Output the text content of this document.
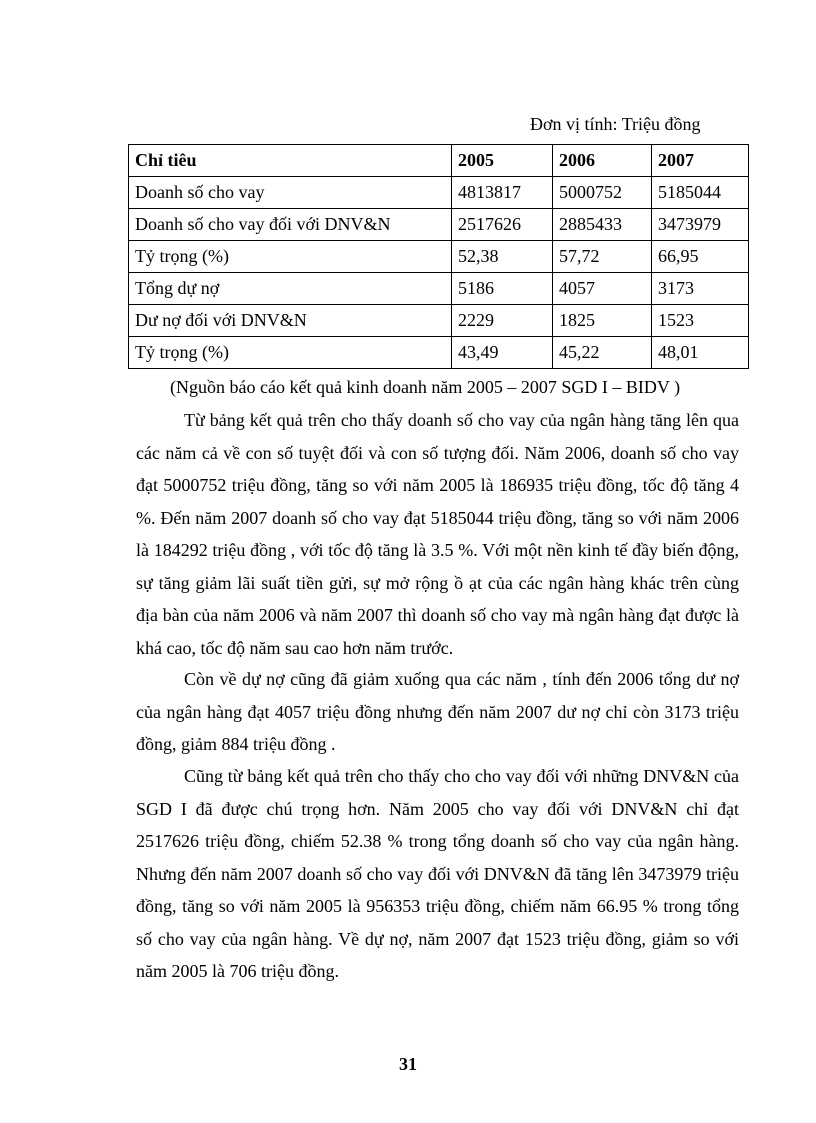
Đơn vị tính: Triệu đồng
Chỉ tiêu	2005	2006	2007
Doanh số cho vay	4813817	5000752	5185044
Doanh số cho vay đối với DNV&N	2517626	2885433	3473979
Tỷ trọng (%)	52,38	57,72	66,95
Tổng dự nợ	5186	4057	3173
Dư nợ đối với DNV&N	2229	1825	1523
Tỷ trọng (%)	43,49	45,22	48,01
(Nguồn báo cáo kết quả kinh doanh năm 2005 – 2007 SGD I – BIDV )

Từ bảng kết quả trên cho thấy doanh số cho vay của ngân hàng tăng lên qua các năm cả về con số tuyệt đối và con số tượng đối. Năm 2006, doanh số cho vay đạt 5000752 triệu đồng, tăng so với năm 2005 là 186935 triệu đồng, tốc độ tăng 4 %. Đến năm 2007 doanh số cho vay đạt 5185044 triệu đồng, tăng so với năm 2006 là 184292 triệu đồng , với tốc độ tăng là 3.5 %. Với một nền kinh tế đầy biến động, sự tăng giảm lãi suất tiền gửi, sự mở rộng ồ ạt của các ngân hàng khác trên cùng địa bàn của năm 2006 và năm 2007 thì doanh số cho vay mà ngân hàng đạt được là khá cao, tốc độ năm sau cao hơn năm trước.

Còn về dự nợ cũng đã giảm xuống qua các năm , tính đến 2006 tổng dư nợ của ngân hàng đạt 4057 triệu đồng nhưng đến năm 2007 dư nợ chỉ còn 3173 triệu đồng, giảm 884 triệu đồng .

Cũng từ bảng kết quả trên cho thấy cho cho vay đối với những DNV&N của SGD I đã được chú trọng hơn. Năm 2005 cho vay đối với DNV&N chỉ đạt 2517626 triệu đồng, chiếm 52.38 % trong tổng doanh số cho vay của ngân hàng. Nhưng đến năm 2007 doanh số cho vay đối với DNV&N đã tăng lên 3473979 triệu đồng, tăng so với năm 2005 là 956353 triệu đồng, chiếm năm 66.95 % trong tổng số cho vay của ngân hàng. Về dự nợ, năm 2007 đạt 1523 triệu đồng, giảm so với năm 2005 là 706 triệu đồng.

31
